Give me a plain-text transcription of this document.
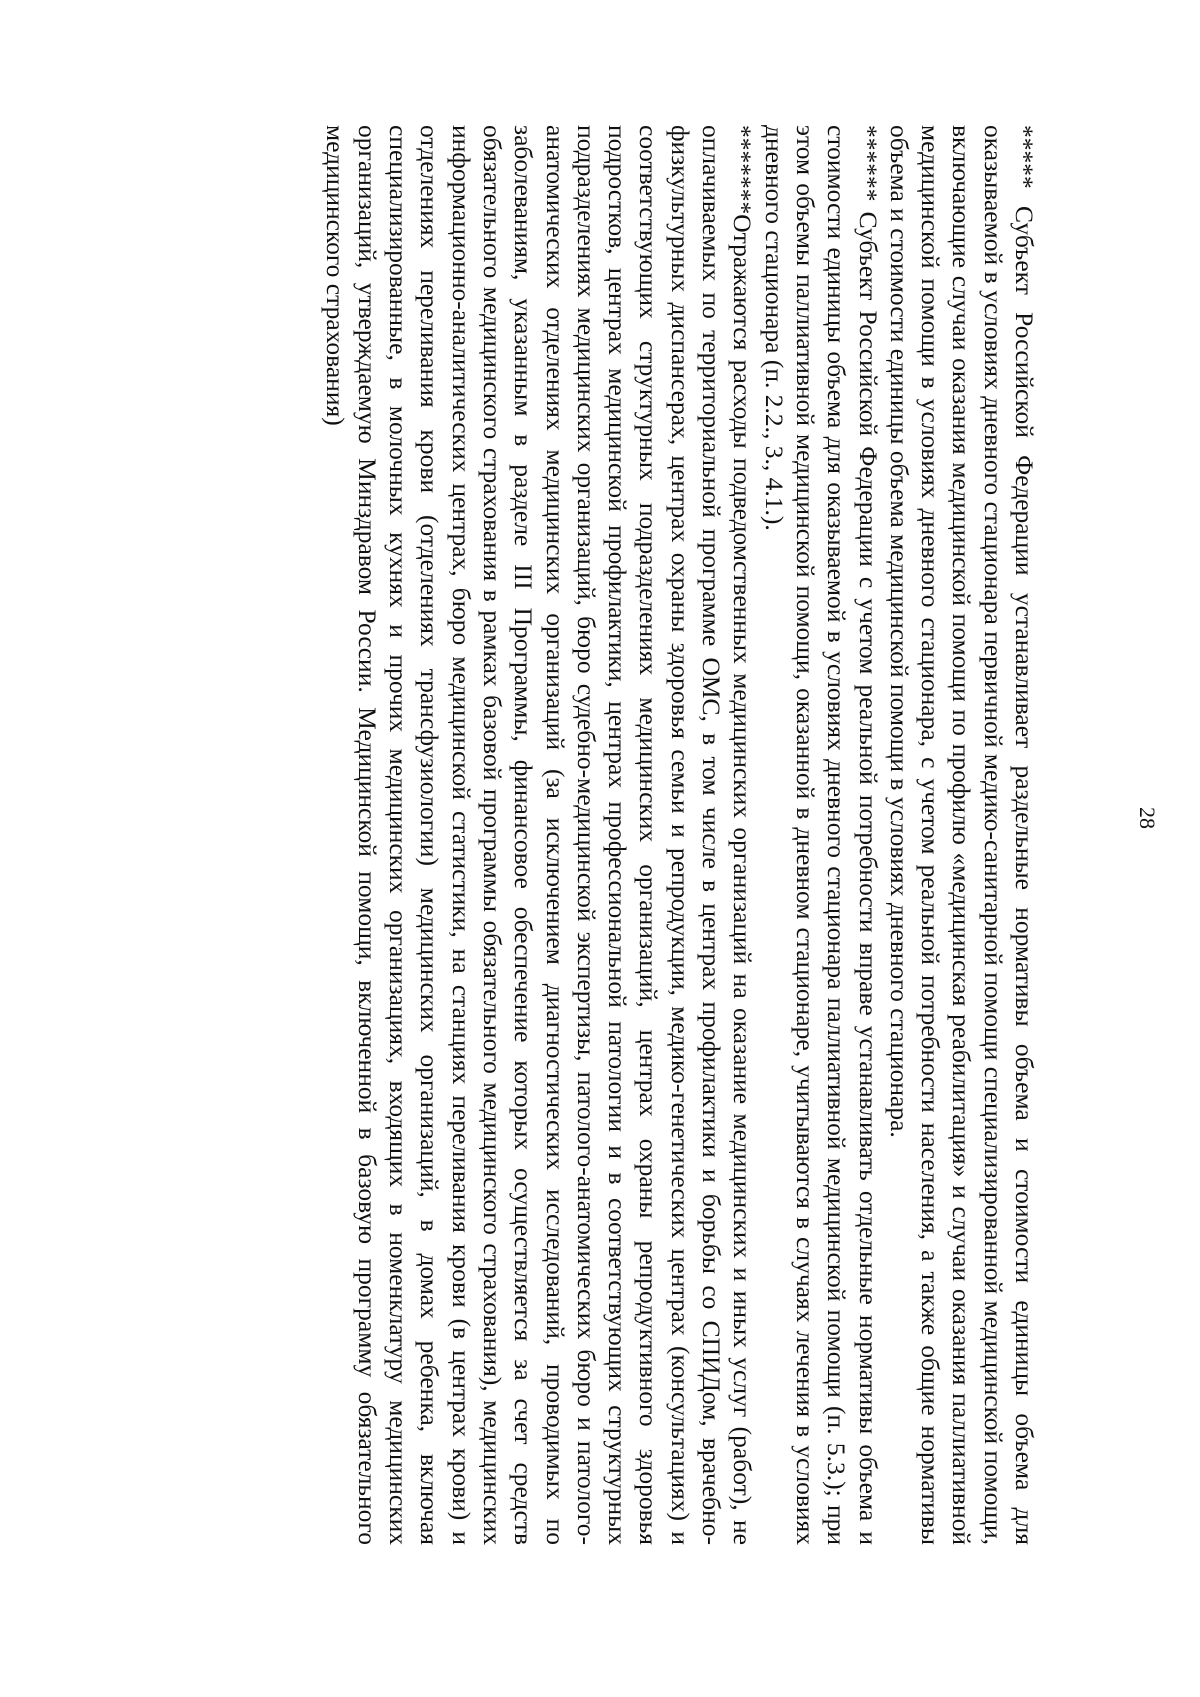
28

***** Субъект Российской Федерации устанавливает раздельные нормативы объема и стоимости единицы объема для оказываемой в условиях дневного стационара первичной медико-санитарной помощи специализированной медицинской помощи, включающие случаи оказания медицинской помощи по профилю «медицинская реабилитация» и случаи оказания паллиативной медицинской помощи в условиях дневного стационара, с учетом реальной потребности населения, а также общие нормативы объема и стоимости единицы объема медицинской помощи в условиях дневного стационара.

****** Субъект Российской Федерации с учетом реальной потребности вправе устанавливать отдельные нормативы объема и стоимости единицы объема для оказываемой в условиях дневного стационара паллиативной медицинской помощи (п. 5.3.); при этом объемы паллиативной медицинской помощи, оказанной в дневном стационаре, учитываются в случаях лечения в условиях дневного стационара (п. 2.2., 3., 4.1.).

*******Отражаются расходы подведомственных медицинских организаций на оказание медицинских и иных услуг (работ), не оплачиваемых по территориальной программе ОМС, в том числе в центрах профилактики и борьбы со СПИДом, врачебно-физкультурных диспансерах, центрах охраны здоровья семьи и репродукции, медико-генетических центрах (консультациях) и соответствующих структурных подразделениях медицинских организаций, центрах охраны репродуктивного здоровья подростков, центрах медицинской профилактики, центрах профессиональной патологии и в соответствующих структурных подразделениях медицинских организаций, бюро судебно-медицинской экспертизы, патолого-анатомических бюро и патолого-анатомических отделениях медицинских организаций (за исключением диагностических исследований, проводимых по заболеваниям, указанным в разделе III Программы, финансовое обеспечение которых осуществляется за счет средств обязательного медицинского страхования в рамках базовой программы обязательного медицинского страхования), медицинских информационно-аналитических центрах, бюро медицинской статистики, на станциях переливания крови (в центрах крови) и отделениях переливания крови (отделениях трансфузиологии) медицинских организаций, в домах ребенка, включая специализированные, в молочных кухнях и прочих медицинских организациях, входящих в номенклатуру медицинских организаций, утверждаемую Минздравом России. Медицинской помощи, включенной в базовую программу обязательного медицинского страхования)
